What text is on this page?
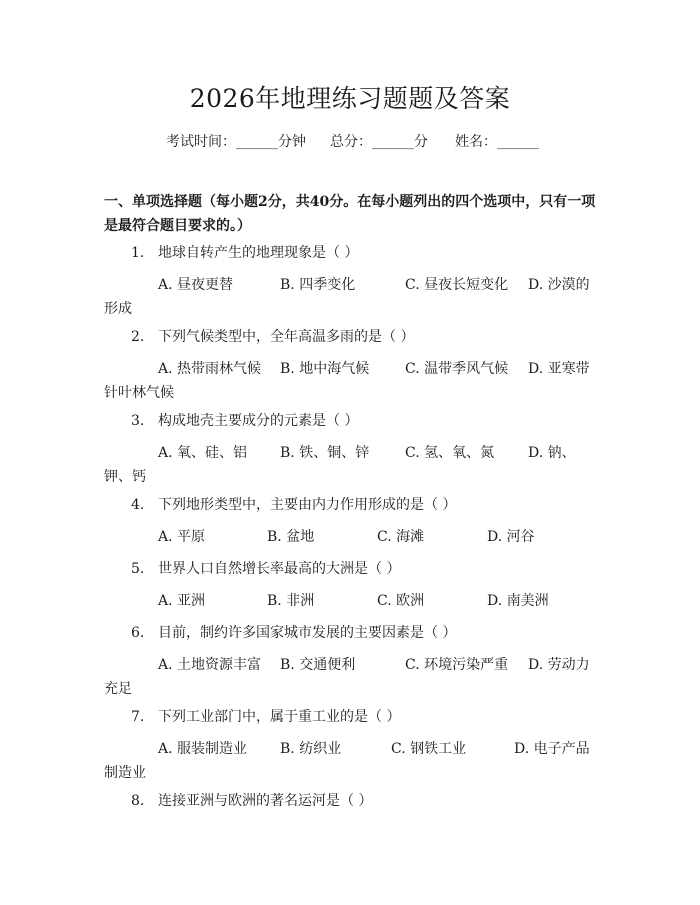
2026年地理练习题题及答案
考试时间：______分钟 总分：______分 姓名：______
一、单项选择题（每小题2分，共40分。在每小题列出的四个选项中，只有一项是最符合题目要求的。）
1. 地球自转产生的地理现象是（ ）
A. 昼夜更替	B. 四季变化	C. 昼夜长短变化 D. 沙漠的
形成
2. 下列气候类型中，全年高温多雨的是（ ）
A. 热带雨林气候 B. 地中海气候	C. 温带季风气候 D. 亚寒带
针叶林气候
3. 构成地壳主要成分的元素是（ ）
A. 氧、硅、铝 B. 铁、铜、锌	C. 氢、氧、氮 D. 钠、
钾、钙
4. 下列地形类型中，主要由内力作用形成的是（ ）
A. 平原	B. 盆地	C. 海滩	D. 河谷
5. 世界人口自然增长率最高的大洲是（ ）
A. 亚洲	B. 非洲	C. 欧洲	D. 南美洲
6. 目前，制约许多国家城市发展的主要因素是（ ）
A. 土地资源丰富 B. 交通便利	C. 环境污染严重 D. 劳动力
充足
7. 下列工业部门中，属于重工业的是（ ）
A. 服装制造业 B. 纺织业	C. 钢铁工业	D. 电子产品
制造业
8. 连接亚洲与欧洲的著名运河是（ ）
